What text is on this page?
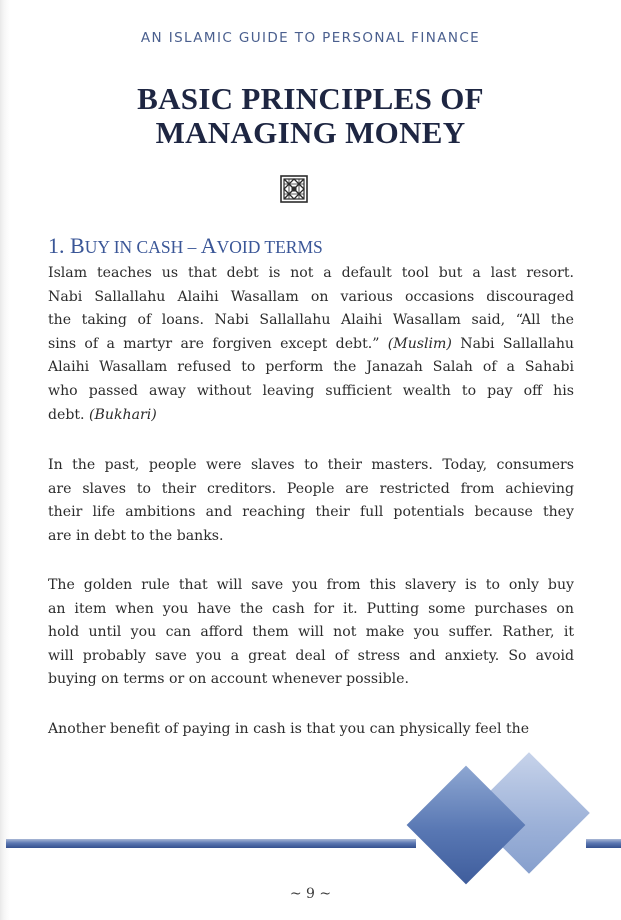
AN ISLAMIC GUIDE TO PERSONAL FINANCE
BASIC PRINCIPLES OF
MANAGING MONEY
1. BUY IN CASH – AVOID TERMS
Islam teaches us that debt is not a default tool but a last resort.
Nabi Sallallahu Alaihi Wasallam on various occasions discouraged
the taking of loans. Nabi Sallallahu Alaihi Wasallam said, “All the
sins of a martyr are forgiven except debt.” (Muslim) Nabi Sallallahu
Alaihi Wasallam refused to perform the Janazah Salah of a Sahabi
who passed away without leaving sufficient wealth to pay off his
debt. (Bukhari)
In the past, people were slaves to their masters. Today, consumers
are slaves to their creditors. People are restricted from achieving
their life ambitions and reaching their full potentials because they
are in debt to the banks.
The golden rule that will save you from this slavery is to only buy
an item when you have the cash for it. Putting some purchases on
hold until you can afford them will not make you suffer. Rather, it
will probably save you a great deal of stress and anxiety. So avoid
buying on terms or on account whenever possible.
Another benefit of paying in cash is that you can physically feel the
~ 9 ~
